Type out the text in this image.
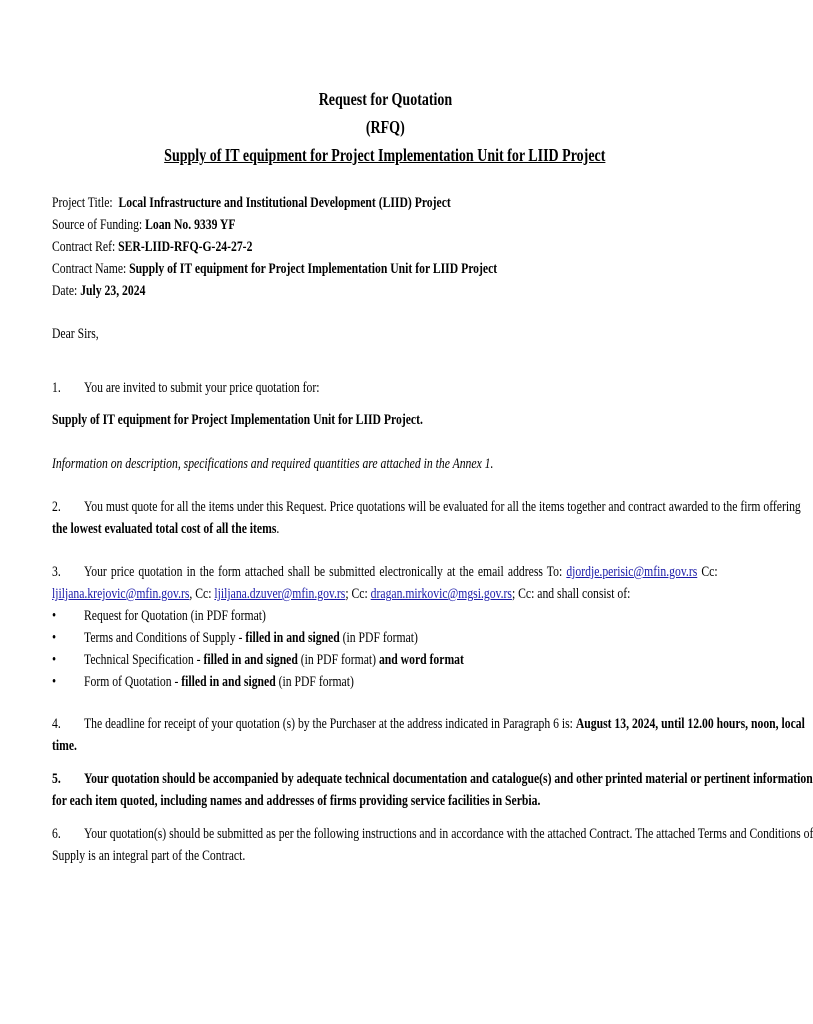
Request for Quotation
(RFQ)
Supply of IT equipment for Project Implementation Unit for LIID Project
Project Title: Local Infrastructure and Institutional Development (LIID) Project
Source of Funding: Loan No. 9339 YF
Contract Ref: SER-LIID-RFQ-G-24-27-2
Contract Name: Supply of IT equipment for Project Implementation Unit for LIID Project
Date: July 23, 2024
Dear Sirs,
1. You are invited to submit your price quotation for:
Supply of IT equipment for Project Implementation Unit for LIID Project.
Information on description, specifications and required quantities are attached in the Annex 1.
2. You must quote for all the items under this Request. Price quotations will be evaluated for all the items together and contract awarded to the firm offering
the lowest evaluated total cost of all the items.
3. Your price quotation in the form attached shall be submitted electronically at the email address To: djordje.perisic@mfin.gov.rs Cc:
ljiljana.krejovic@mfin.gov.rs, Cc: ljiljana.dzuver@mfin.gov.rs; Cc: dragan.mirkovic@mgsi.gov.rs; Cc: and shall consist of:
• Request for Quotation (in PDF format)
• Terms and Conditions of Supply - filled in and signed (in PDF format)
• Technical Specification - filled in and signed (in PDF format) and word format
• Form of Quotation - filled in and signed (in PDF format)
4. The deadline for receipt of your quotation (s) by the Purchaser at the address indicated in Paragraph 6 is: August 13, 2024, until 12.00 hours, noon, local
time.
5. Your quotation should be accompanied by adequate technical documentation and catalogue(s) and other printed material or pertinent information
for each item quoted, including names and addresses of firms providing service facilities in Serbia.
6. Your quotation(s) should be submitted as per the following instructions and in accordance with the attached Contract. The attached Terms and Conditions of
Supply is an integral part of the Contract.
